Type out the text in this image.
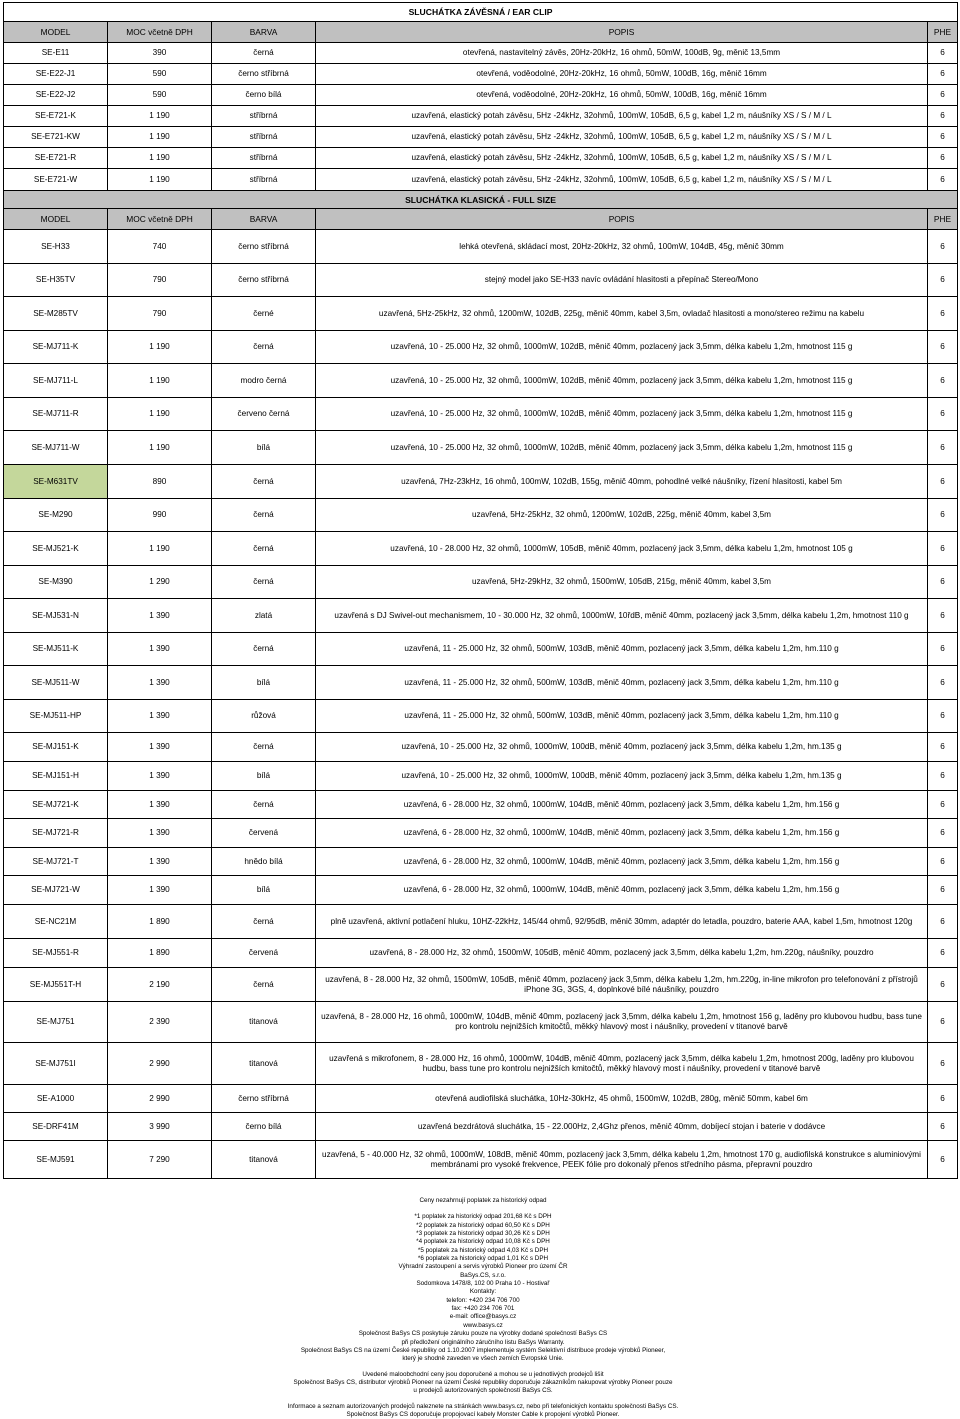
SLUCHÁTKA ZÁVĚSNÁ / EAR CLIP				
MODEL	MOC včetně DPH	BARVA	POPIS	PHE
SE-E11	390	černá	otevřená, nastavitelný závěs, 20Hz-20kHz, 16 ohmů, 50mW, 100dB, 9g, měnič 13,5mm	6
SE-E22-J1	590	černo stříbrná	otevřená, voděodolné, 20Hz-20kHz, 16 ohmů, 50mW, 100dB, 16g, měnič 16mm	6
SE-E22-J2	590	černo bílá	otevřená, voděodolné, 20Hz-20kHz, 16 ohmů, 50mW, 100dB, 16g, měnič 16mm	6
SE-E721-K	1 190	stříbrná	uzavřená, elastický potah závěsu, 5Hz -24kHz, 32ohmů, 100mW, 105dB, 6,5 g, kabel 1,2 m, náušníky XS / S / M / L	6
SE-E721-KW	1 190	stříbrná	uzavřená, elastický potah závěsu, 5Hz -24kHz, 32ohmů, 100mW, 105dB, 6,5 g, kabel 1,2 m, náušníky XS / S / M / L	6
SE-E721-R	1 190	stříbrná	uzavřená, elastický potah závěsu, 5Hz -24kHz, 32ohmů, 100mW, 105dB, 6,5 g, kabel 1,2 m, náušníky XS / S / M / L	6
SE-E721-W	1 190	stříbrná	uzavřená, elastický potah závěsu, 5Hz -24kHz, 32ohmů, 100mW, 105dB, 6,5 g, kabel 1,2 m, náušníky XS / S / M / L	6
SLUCHÁTKA KLASICKÁ - FULL SIZE				
MODEL	MOC včetně DPH	BARVA	POPIS	PHE
SE-H33	740	černo stříbrná	lehká otevřená, skládací most, 20Hz-20kHz, 32 ohmů, 100mW, 104dB, 45g, měnič 30mm	6
SE-H35TV	790	černo stříbrná	stejný model jako SE-H33 navíc ovládání hlasitosti a přepínač Stereo/Mono	6
SE-M285TV	790	černé	uzavřená, 5Hz-25kHz, 32 ohmů, 1200mW, 102dB, 225g, měnič 40mm, kabel 3,5m, ovladač hlasitosti a mono/stereo režimu na kabelu	6
SE-MJ711-K	1 190	černá	uzavřená, 10 - 25.000 Hz, 32 ohmů, 1000mW, 102dB, měnič 40mm, pozlacený jack 3,5mm, délka kabelu 1,2m, hmotnost 115 g	6
SE-MJ711-L	1 190	modro černá	uzavřená, 10 - 25.000 Hz, 32 ohmů, 1000mW, 102dB, měnič 40mm, pozlacený jack 3,5mm, délka kabelu 1,2m, hmotnost 115 g	6
SE-MJ711-R	1 190	červeno černá	uzavřená, 10 - 25.000 Hz, 32 ohmů, 1000mW, 102dB, měnič 40mm, pozlacený jack 3,5mm, délka kabelu 1,2m, hmotnost 115 g	6
SE-MJ711-W	1 190	bílá	uzavřená, 10 - 25.000 Hz, 32 ohmů, 1000mW, 102dB, měnič 40mm, pozlacený jack 3,5mm, délka kabelu 1,2m, hmotnost 115 g	6
SE-M631TV	890	černá	uzavřená, 7Hz-23kHz, 16 ohmů, 100mW, 102dB, 155g, měnič 40mm, pohodlné velké náušníky, řízení hlasitosti, kabel 5m	6
SE-M290	990	černá	uzavřená, 5Hz-25kHz, 32 ohmů, 1200mW, 102dB, 225g, měnič 40mm, kabel 3,5m	6
SE-MJ521-K	1 190	černá	uzavřená, 10 - 28.000 Hz, 32 ohmů, 1000mW, 105dB, měnič 40mm, pozlacený jack 3,5mm, délka kabelu 1,2m, hmotnost 105 g	6
SE-M390	1 290	černá	uzavřená, 5Hz-29kHz, 32 ohmů, 1500mW, 105dB, 215g, měnič 40mm, kabel 3,5m	6
SE-MJ531-N	1 390	zlatá	uzavřená s DJ Swivel-out mechanismem, 10 - 30.000 Hz, 32 ohmů, 1000mW, 10řdB, měnič 40mm, pozlacený jack 3,5mm, délka kabelu 1,2m, hmotnost 110 g	6
SE-MJ511-K	1 390	černá	uzavřená, 11 - 25.000 Hz, 32 ohmů, 500mW, 103dB, měnič 40mm, pozlacený jack 3,5mm, délka kabelu 1,2m, hm.110 g	6
SE-MJ511-W	1 390	bílá	uzavřená, 11 - 25.000 Hz, 32 ohmů, 500mW, 103dB, měnič 40mm, pozlacený jack 3,5mm, délka kabelu 1,2m, hm.110 g	6
SE-MJ511-HP	1 390	růžová	uzavřená, 11 - 25.000 Hz, 32 ohmů, 500mW, 103dB, měnič 40mm, pozlacený jack 3,5mm, délka kabelu 1,2m, hm.110 g	6
SE-MJ151-K	1 390	černá	uzavřená, 10 - 25.000 Hz, 32 ohmů, 1000mW, 100dB, měnič 40mm, pozlacený jack 3,5mm, délka kabelu 1,2m, hm.135 g	6
SE-MJ151-H	1 390	bílá	uzavřená, 10 - 25.000 Hz, 32 ohmů, 1000mW, 100dB, měnič 40mm, pozlacený jack 3,5mm, délka kabelu 1,2m, hm.135 g	6
SE-MJ721-K	1 390	černá	uzavřená, 6 - 28.000 Hz, 32 ohmů, 1000mW, 104dB, měnič 40mm, pozlacený jack 3,5mm, délka kabelu 1,2m, hm.156 g	6
SE-MJ721-R	1 390	červená	uzavřená, 6 - 28.000 Hz, 32 ohmů, 1000mW, 104dB, měnič 40mm, pozlacený jack 3,5mm, délka kabelu 1,2m, hm.156 g	6
SE-MJ721-T	1 390	hnědo bílá	uzavřená, 6 - 28.000 Hz, 32 ohmů, 1000mW, 104dB, měnič 40mm, pozlacený jack 3,5mm, délka kabelu 1,2m, hm.156 g	6
SE-MJ721-W	1 390	bílá	uzavřená, 6 - 28.000 Hz, 32 ohmů, 1000mW, 104dB, měnič 40mm, pozlacený jack 3,5mm, délka kabelu 1,2m, hm.156 g	6
SE-NC21M	1 890	černá	plně uzavřená, aktivní potlačení hluku, 10HZ-22kHz, 145/44 ohmů, 92/95dB, měnič 30mm, adaptér do letadla, pouzdro, baterie AAA, kabel 1,5m, hmotnost 120g	6
SE-MJ551-R	1 890	červená	uzavřená, 8 - 28.000 Hz, 32 ohmů, 1500mW, 105dB, měnič 40mm, pozlacený jack 3,5mm, délka kabelu 1,2m, hm.220g, náušníky, pouzdro	6
SE-MJ551T-H	2 190	černá	uzavřená, 8 - 28.000 Hz, 32 ohmů, 1500mW, 105dB, měnič 40mm, pozlacený jack 3,5mm, délka kabelu 1,2m, hm.220g, in-line mikrofon pro telefonování z přístrojů iPhone 3G, 3GS, 4, doplnkové bílé náušníky, pouzdro	6
SE-MJ751	2 390	titanová	uzavřená, 8 - 28.000 Hz, 16 ohmů, 1000mW, 104dB, měnič 40mm, pozlacený jack 3,5mm, délka kabelu 1,2m, hmotnost 156 g, laděny pro klubovou hudbu, bass tune pro kontrolu nejnižších kmitočtů, měkký hlavový most i náušníky, provedení v titanové barvě	6
SE-MJ751I	2 990	titanová	uzavřená s mikrofonem, 8 - 28.000 Hz, 16 ohmů, 1000mW, 104dB, měnič 40mm, pozlacený jack 3,5mm, délka kabelu 1,2m, hmotnost 200g, laděny pro klubovou hudbu, bass tune pro kontrolu nejnižších kmitočtů, měkký hlavový most i náušníky, provedení v titanové barvě	6
SE-A1000	2 990	černo stříbrná	otevřená audiofilská sluchátka, 10Hz-30kHz, 45 ohmů, 1500mW, 102dB, 280g, měnič 50mm, kabel 6m	6
SE-DRF41M	3 990	černo bílá	uzavřená bezdrátová sluchátka, 15 - 22.000Hz, 2,4Ghz přenos, měnič 40mm, dobíjecí stojan i baterie v dodávce	6
SE-MJ591	7 290	titanová	uzavřená, 5 - 40.000 Hz, 32 ohmů, 1000mW, 108dB, měnič 40mm, pozlacený jack 3,5mm, délka kabelu 1,2m, hmotnost 170 g, audiofilská konstrukce s aluminiovými membránami pro vysoké frekvence, PEEK fólie pro dokonalý přenos středního pásma, přepravní pouzdro	6
Ceny nezahrnují poplatek za historický odpad
*1 poplatek za historický odpad 201,68 Kč s DPH
*2 poplatek za historický odpad 60,50 Kč s DPH
*3 poplatek za historický odpad 30,26 Kč s DPH
*4 poplatek za historický odpad 10,08 Kč s DPH
*5 poplatek za historický odpad 4,03 Kč s DPH
*6 poplatek za historický odpad 1,01 Kč s DPH
Výhradní zastoupení a servis výrobků Pioneer pro území ČR
BaSys.CS, s.r.o.
Sodomkova 1478/8, 102 00 Praha 10 - Hostivař
Kontakty:
telefon: +420 234 706 700
fax: +420 234 706 701
e-mail: office@basys.cz
www.basys.cz
Společnost BaSys CS poskytuje záruku pouze na výrobky dodané společností BaSys CS
při předložení originálního záručního listu BaSys Warranty.
Společnost BaSys CS na území České republiky od 1.10.2007 implementuje systém Selektivní distribuce prodeje výrobků Pioneer,
který je shodně zaveden ve všech zemích Evropské Unie.
Uvedené maloobchodní ceny jsou doporučené a mohou se u jednotlivých prodejců lišit
Společnost BaSys CS, distributor výrobků Pioneer na území České republiky doporučuje zákazníkům nakupovat výrobky Pioneer pouze
u prodejců autorizovaných společností BaSys CS.
Informace a seznam autorizovaných prodejců naleznete na stránkách www.basys.cz, nebo při telefonických kontaktu společnosti BaSys CS.
Společnost BaSys CS doporučuje propojovací kabely Monster Cable k propojení výrobků Pioneer.
